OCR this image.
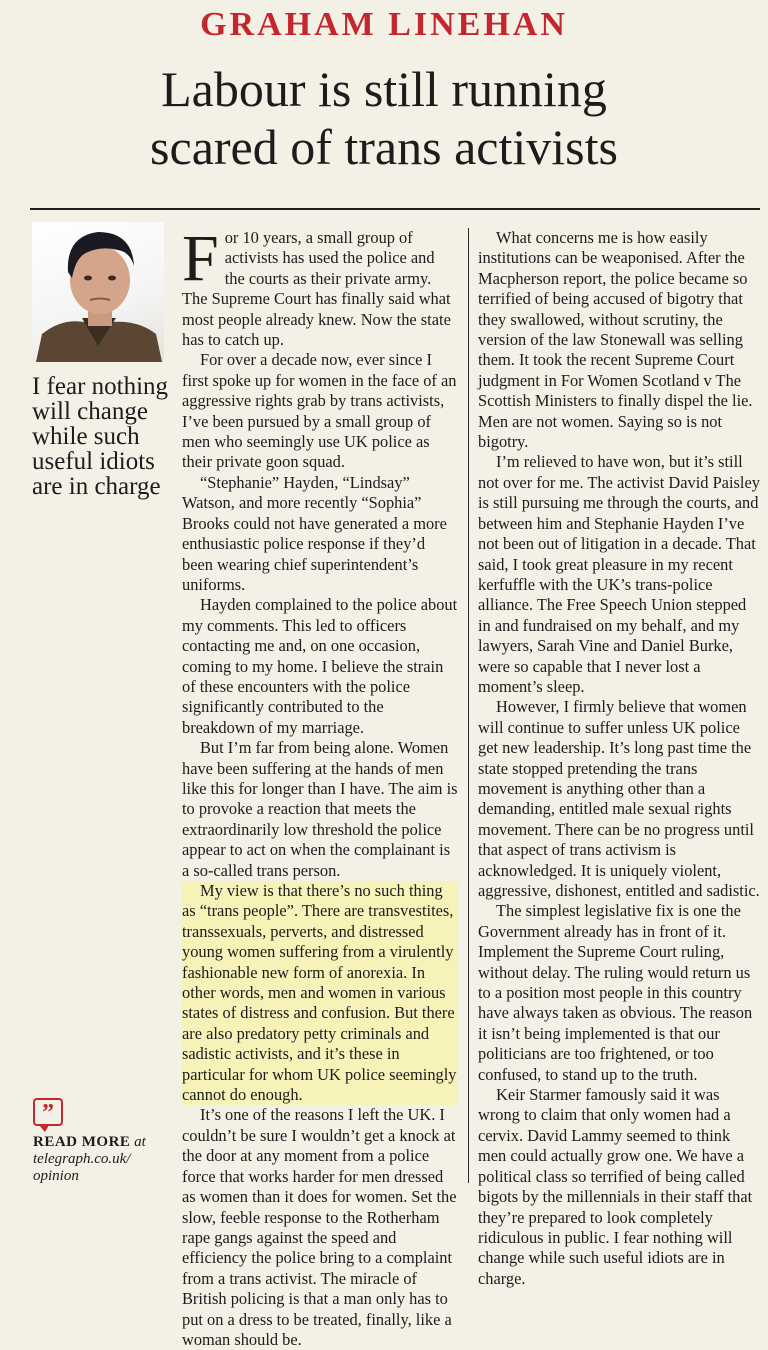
GRAHAM LINEHAN
Labour is still running
scared of trans activists
I fear nothing will change while such useful idiots are in charge
”
READ MORE at
telegraph.co.uk/ opinion

For 10 years, a small group of activists has used the police and the courts as their private army. The Supreme Court has finally said what most people already knew. Now the state has to catch up.

For over a decade now, ever since I first spoke up for women in the face of an aggressive rights grab by trans activists, I’ve been pursued by a small group of men who seemingly use UK police as their private goon squad.

“Stephanie” Hayden, “Lindsay” Watson, and more recently “Sophia” Brooks could not have generated a more enthusiastic police response if they’d been wearing chief superintendent’s uniforms.

Hayden complained to the police about my comments. This led to officers contacting me and, on one occasion, coming to my home. I believe the strain of these encounters with the police significantly contributed to the breakdown of my marriage.

But I’m far from being alone. Women have been suffering at the hands of men like this for longer than I have. The aim is to provoke a reaction that meets the extraordinarily low threshold the police appear to act on when the complainant is a so-called trans person.

My view is that there’s no such thing as “trans people”. There are transvestites, transsexuals, perverts, and distressed young women suffering from a virulently fashionable new form of anorexia. In other words, men and women in various states of distress and confusion. But there are also predatory petty criminals and sadistic activists, and it’s these in particular for whom UK police seemingly cannot do enough.

It’s one of the reasons I left the UK. I couldn’t be sure I wouldn’t get a knock at the door at any moment from a police force that works harder for men dressed as women than it does for women. Set the slow, feeble response to the Rotherham rape gangs against the speed and efficiency the police bring to a complaint from a trans activist. The miracle of British policing is that a man only has to put on a dress to be treated, finally, like a woman should be.

What concerns me is how easily institutions can be weaponised. After the Macpherson report, the police became so terrified of being accused of bigotry that they swallowed, without scrutiny, the version of the law Stonewall was selling them. It took the recent Supreme Court judgment in For Women Scotland v The Scottish Ministers to finally dispel the lie. Men are not women. Saying so is not bigotry.

I’m relieved to have won, but it’s still not over for me. The activist David Paisley is still pursuing me through the courts, and between him and Stephanie Hayden I’ve not been out of litigation in a decade. That said, I took great pleasure in my recent kerfuffle with the UK’s trans-police alliance. The Free Speech Union stepped in and fundraised on my behalf, and my lawyers, Sarah Vine and Daniel Burke, were so capable that I never lost a moment’s sleep.

However, I firmly believe that women will continue to suffer unless UK police get new leadership. It’s long past time the state stopped pretending the trans movement is anything other than a demanding, entitled male sexual rights movement. There can be no progress until that aspect of trans activism is acknowledged. It is uniquely violent, aggressive, dishonest, entitled and sadistic.

The simplest legislative fix is one the Government already has in front of it. Implement the Supreme Court ruling, without delay. The ruling would return us to a position most people in this country have always taken as obvious. The reason it isn’t being implemented is that our politicians are too frightened, or too confused, to stand up to the truth.

Keir Starmer famously said it was wrong to claim that only women had a cervix. David Lammy seemed to think men could actually grow one. We have a political class so terrified of being called bigots by the millennials in their staff that they’re prepared to look completely ridiculous in public. I fear nothing will change while such useful idiots are in charge.
